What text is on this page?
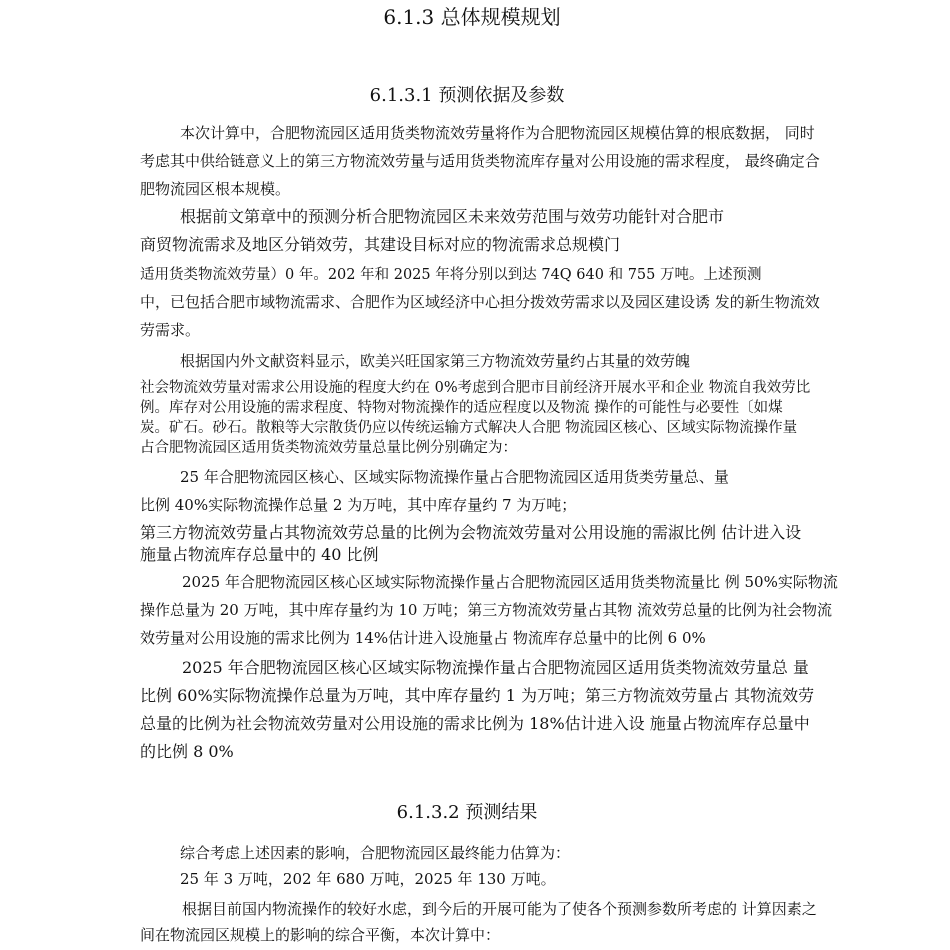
6.1.3 总体规模规划
6.1.3.1 预测依据及参数
本次计算中，合肥物流园区适用货类物流效劳量将作为合肥物流园区规模估算的根底数据， 同时
考虑其中供给链意义上的第三方物流效劳量与适用货类物流库存量对公用设施的需求程度， 最终确定合
肥物流园区根本规模。
根据前文第章中的预测分析合肥物流园区未来效劳范围与效劳功能针对合肥市
商贸物流需求及地区分销效劳，其建设目标对应的物流需求总规模门
适用货类物流效劳量）0 年。202 年和 2025 年将分别以到达 74Q 640 和 755 万吨。上述预测
中，已包括合肥市域物流需求、合肥作为区域经济中心担分拨效劳需求以及园区建设诱 发的新生物流效
劳需求。
根据国内外文献资料显示，欧美兴旺国家第三方物流效劳量约占其量的效劳魄
社会物流效劳量对需求公用设施的程度大约在 0%考虑到合肥市目前经济开展水平和企业 物流自我效劳比
例。库存对公用设施的需求程度、特物对物流操作的适应程度以及物流 操作的可能性与必要性〔如煤
炭。矿石。砂石。散粮等大宗散货仍应以传统运输方式解决人合肥 物流园区核心、区域实际物流操作量
占合肥物流园区适用货类物流效劳量总量比例分别确定为：
25 年合肥物流园区核心、区域实际物流操作量占合肥物流园区适用货类劳量总、量
比例 40%实际物流操作总量 2 为万吨，其中库存量约 7 为万吨；
第三方物流效劳量占其物流效劳总量的比例为会物流效劳量对公用设施的需淑比例 估计进入设
施量占物流库存总量中的 40 比例
2025 年合肥物流园区核心区域实际物流操作量占合肥物流园区适用货类物流量比 例 50%实际物流
操作总量为 20 万吨，其中库存量约为 10 万吨；第三方物流效劳量占其物 流效劳总量的比例为社会物流
效劳量对公用设施的需求比例为 14%估计进入设施量占 物流库存总量中的比例 6 0%
2025 年合肥物流园区核心区域实际物流操作量占合肥物流园区适用货类物流效劳量总 量
比例 60%实际物流操作总量为万吨，其中库存量约 1 为万吨；第三方物流效劳量占 其物流效劳
总量的比例为社会物流效劳量对公用设施的需求比例为 18%估计进入设 施量占物流库存总量中
的比例 8 0%
6.1.3.2 预测结果
综合考虑上述因素的影响，合肥物流园区最终能力估算为：
25 年 3 万吨，202 年 680 万吨，2025 年 130 万吨。
根据目前国内物流操作的较好水虑，到今后的开展可能为了使各个预测参数所考虑的 计算因素之
间在物流园区规模上的影响的综合平衡，本次计算中：
